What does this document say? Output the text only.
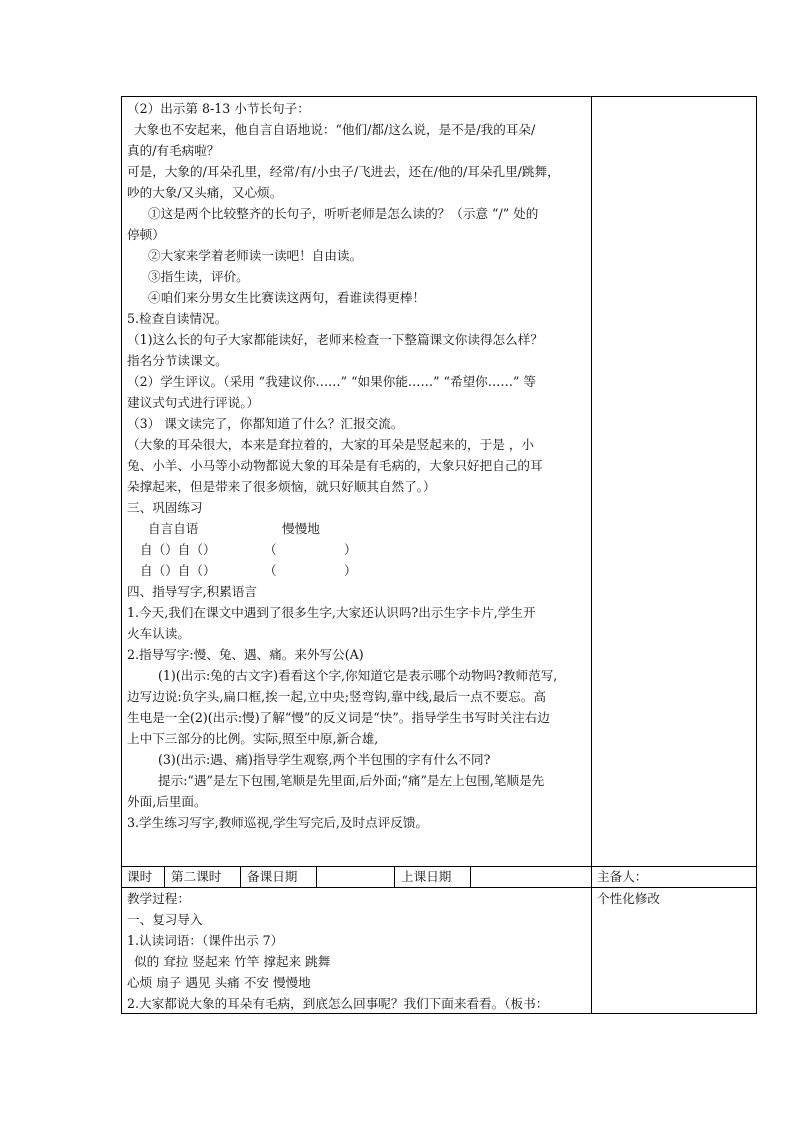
（2）出示第 8-13 小节长句子：
大象也不安起来，他自言自语地说：“他们/都/这么说，是不是/我的耳朵/
真的/有毛病啦？
可是，大象的/耳朵孔里，经常/有/小虫子/飞进去，还在/他的/耳朵孔里/跳舞，
吵的大象/又头痛，又心烦。
①这是两个比较整齐的长句子，听听老师是怎么读的？（示意 “/” 处的
停顿）
②大家来学着老师读一读吧！自由读。
③指生读，评价。
④咱们来分男女生比赛读这两句，看谁读得更棒！
5.检查自读情况。
（1)这么长的句子大家都能读好，老师来检查一下整篇课文你读得怎么样？
指名分节读课文。
（2）学生评议。（采用 “我建议你……” “如果你能……” “希望你……” 等
建议式句式进行评说。）
（3） 课文读完了，你都知道了什么？汇报交流。
（大象的耳朵很大，本来是耷拉着的，大家的耳朵是竖起来的，于是 ，小
兔、小羊、小马等小动物都说大象的耳朵是有毛病的，大象只好把自己的耳
朵撑起来，但是带来了很多烦恼，就只好顺其自然了。）
三、巩固练习
自言自语	慢慢地
自（）自（）	（	）
自（）自（）	（	）
四、指导写字,积累语言
1.今天,我们在课文中遇到了很多生字,大家还认识吗?出示生字卡片,学生开
火车认读。
2.指导写字:慢、兔、遇、痛。来外写公(A)
(1)(出示:兔的古文字)看看这个字,你知道它是表示哪个动物吗?教师范写,
边写边说:负字头,扁口框,挨一起,立中央;竖弯钩,靠中线,最后一点不要忘。高
生电是一全(2)(出示:慢)了解“慢”的反义词是“快”。指导学生书写时关注右边
上中下三部分的比例。实际,照至中原,新合雄,
(3)(出示:遇、痛)指导学生观察,两个半包围的字有什么不同?
提示:“遇”是左下包围,笔顺是先里面,后外面;“痛”是左上包围,笔顺是先
外面,后里面。
3.学生练习写字,教师巡视,学生写完后,及时点评反馈。
课时 第二课时 备课日期	上课日期	主备人：
个性化修改
教学过程：
一、复习导入
1.认读词语：（课件出示 7）
似的 耷拉 竖起来 竹竿 撑起来 跳舞
心烦 扇子 遇见 头痛 不安 慢慢地
2.大家都说大象的耳朵有毛病，到底怎么回事呢？我们下面来看看。（板书：
